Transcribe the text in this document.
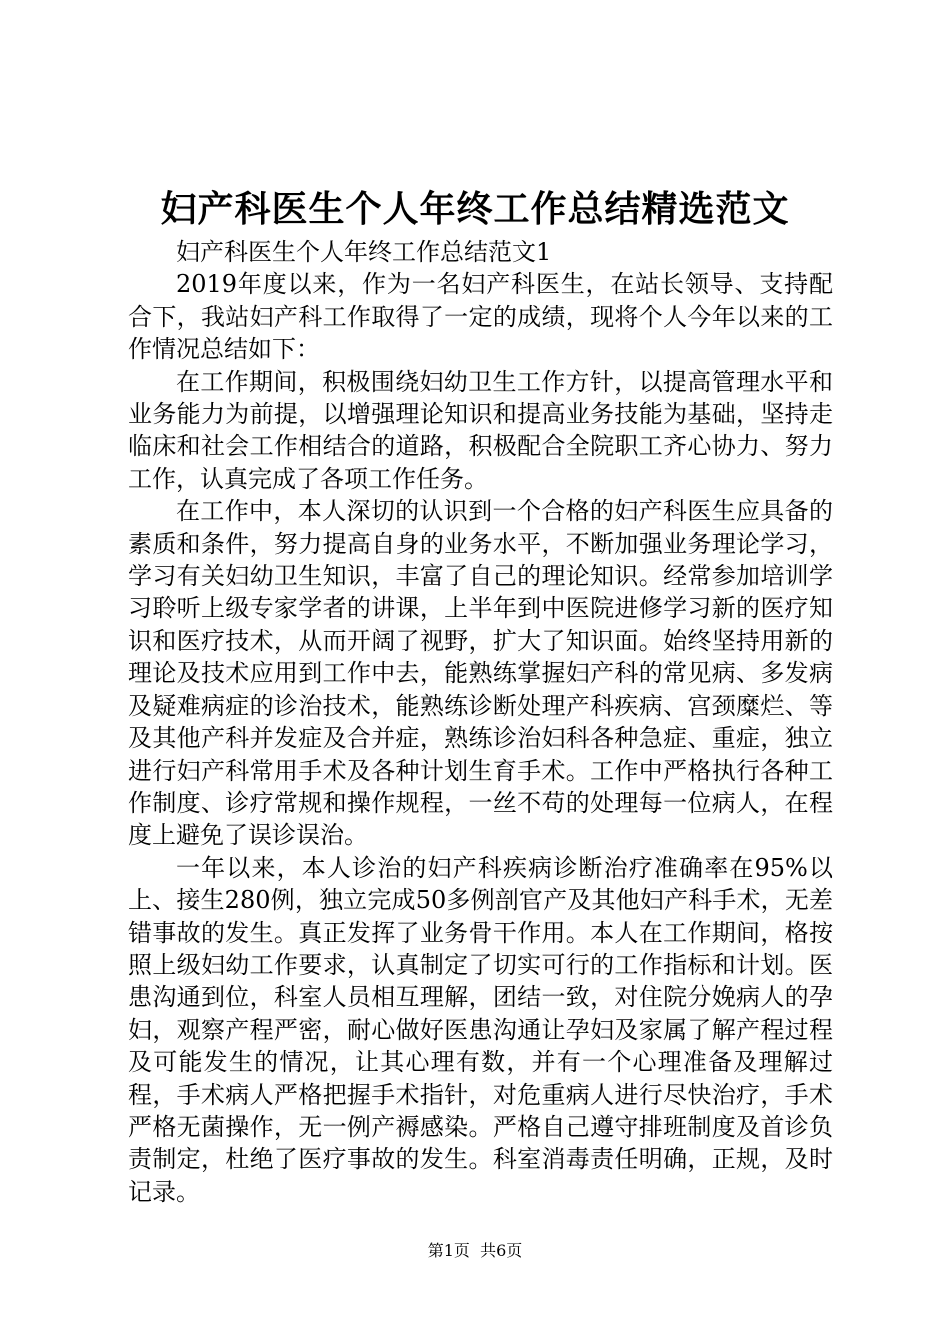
妇产科医生个人年终工作总结精选范文

妇产科医生个人年终工作总结范文1

2019年度以来，作为一名妇产科医生，在站长领导、支持配合下，我站妇产科工作取得了一定的成绩，现将个人今年以来的工作情况总结如下：

在工作期间，积极围绕妇幼卫生工作方针，以提高管理水平和业务能力为前提，以增强理论知识和提高业务技能为基础，坚持走临床和社会工作相结合的道路，积极配合全院职工齐心协力、努力工作，认真完成了各项工作任务。

在工作中，本人深切的认识到一个合格的妇产科医生应具备的素质和条件，努力提高自身的业务水平，不断加强业务理论学习，学习有关妇幼卫生知识，丰富了自己的理论知识。经常参加培训学习聆听上级专家学者的讲课，上半年到中医院进修学习新的医疗知识和医疗技术，从而开阔了视野，扩大了知识面。始终坚持用新的理论及技术应用到工作中去，能熟练掌握妇产科的常见病、多发病及疑难病症的诊治技术，能熟练诊断处理产科疾病、宫颈糜烂、等及其他产科并发症及合并症，熟练诊治妇科各种急症、重症，独立进行妇产科常用手术及各种计划生育手术。工作中严格执行各种工作制度、诊疗常规和操作规程，一丝不苟的处理每一位病人，在程度上避免了误诊误治。

一年以来，本人诊治的妇产科疾病诊断治疗准确率在95%以上、接生280例，独立完成50多例剖官产及其他妇产科手术，无差错事故的发生。真正发挥了业务骨干作用。本人在工作期间，格按照上级妇幼工作要求，认真制定了切实可行的工作指标和计划。医患沟通到位，科室人员相互理解，团结一致，对住院分娩病人的孕妇，观察产程严密，耐心做好医患沟通让孕妇及家属了解产程过程及可能发生的情况，让其心理有数，并有一个心理准备及理解过程，手术病人严格把握手术指针，对危重病人进行尽快治疗，手术严格无菌操作，无一例产褥感染。严格自己遵守排班制度及首诊负责制定，杜绝了医疗事故的发生。科室消毒责任明确，正规，及时记录。

第1页  共6页
